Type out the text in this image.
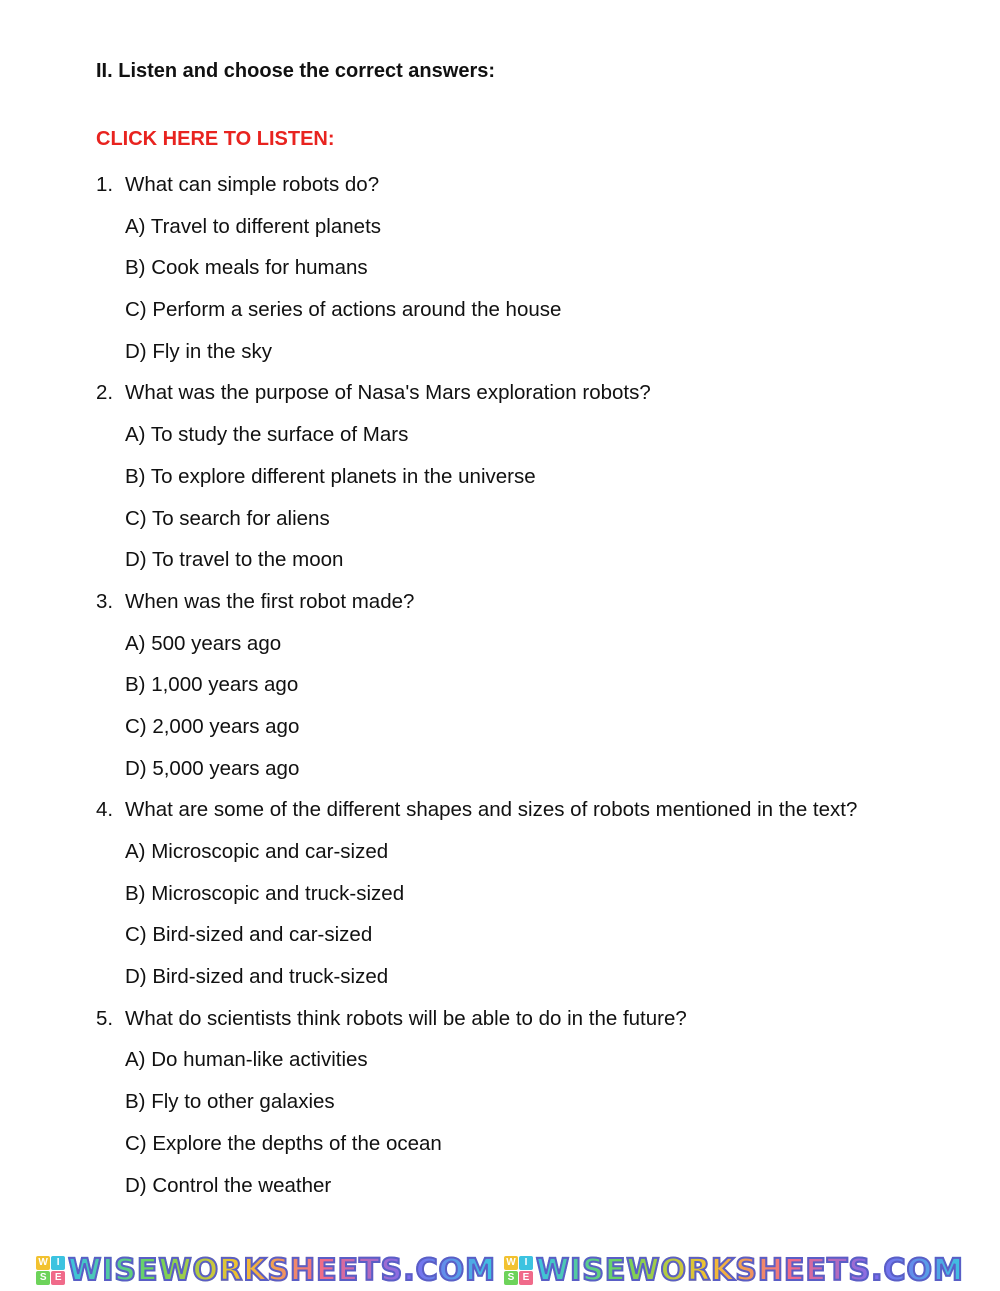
II. Listen and choose the correct answers:
CLICK HERE TO LISTEN:
1. What can simple robots do?
A) Travel to different planets
B) Cook meals for humans
C) Perform a series of actions around the house
D) Fly in the sky
2. What was the purpose of Nasa's Mars exploration robots?
A) To study the surface of Mars
B) To explore different planets in the universe
C) To search for aliens
D) To travel to the moon
3. When was the first robot made?
A) 500 years ago
B) 1,000 years ago
C) 2,000 years ago
D) 5,000 years ago
4. What are some of the different shapes and sizes of robots mentioned in the text?
A) Microscopic and car-sized
B) Microscopic and truck-sized
C) Bird-sized and car-sized
D) Bird-sized and truck-sized
5. What do scientists think robots will be able to do in the future?
A) Do human-like activities
B) Fly to other galaxies
C) Explore the depths of the ocean
D) Control the weather
W I
S E WISEWORKSHEETS.COM W I
S E WISEWORKSHEETS.COM
